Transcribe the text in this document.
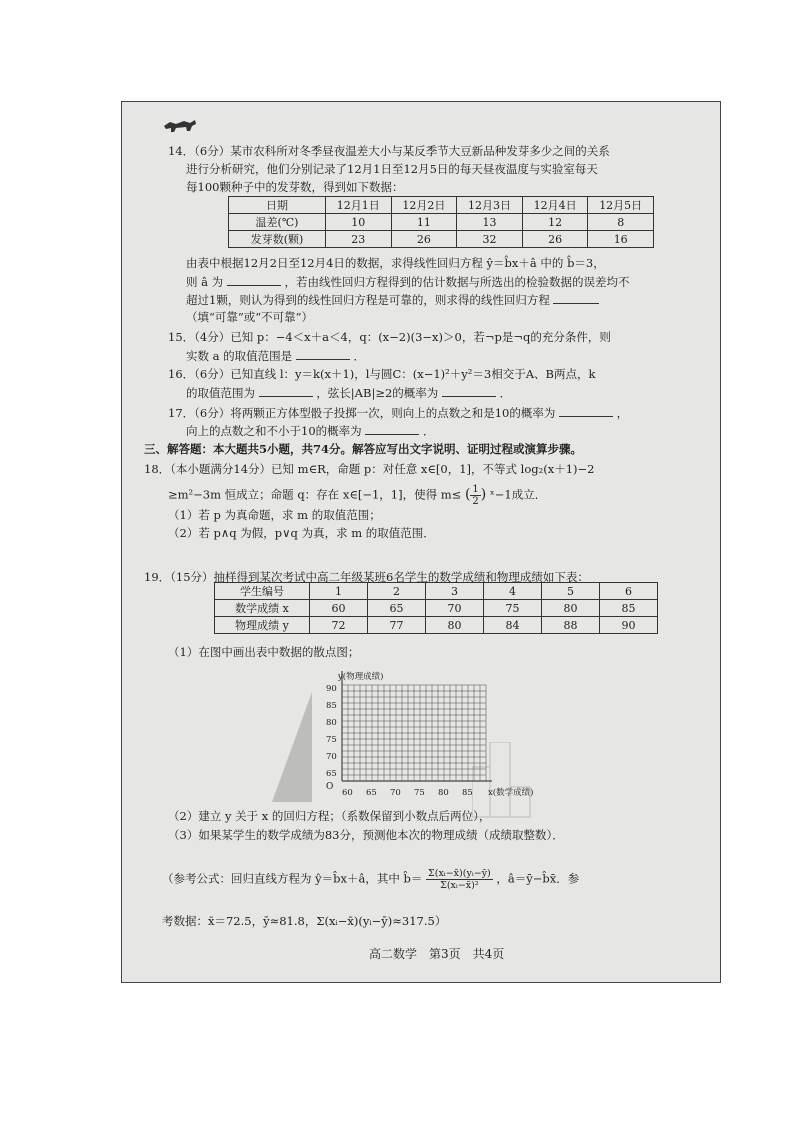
14．（6分）某市农科所对冬季昼夜温差大小与某反季节大豆新品种发芽多少之间的关系
进行分析研究，他们分别记录了12月1日至12月5日的每天昼夜温度与实验室每天
每100颗种子中的发芽数，得到如下数据：
日期	12月1日	12月2日	12月3日	12月4日	12月5日
温差(℃)	10	11	13	12	8
发芽数(颗)	23	26	32	26	16
由表中根据12月2日至12月4日的数据，求得线性回归方程 ŷ＝b̂x＋â 中的 b̂＝3，
则 â 为	，若由线性回归方程得到的估计数据与所选出的检验数据的误差均不
超过1颗，则认为得到的线性回归方程是可靠的，则求得的线性回归方程
（填“可靠”或“不可靠”）
15．（4分）已知 p：−4＜x＋a＜4，q：(x−2)(3−x)＞0，若¬p是¬q的充分条件，则
实数 a 的取值范围是	．
16．（6分）已知直线 l：y＝k(x＋1)，l与圆C：(x−1)²＋y²＝3相交于A、B两点，k
的取值范围为	，弦长|AB|≥2的概率为	．
17．（6分）将两颗正方体型骰子投掷一次，则向上的点数之和是10的概率为	，
向上的点数之和不小于10的概率为	．
三、解答题：本大题共5小题，共74分。解答应写出文字说明、证明过程或演算步骤。
18．（本小题满分14分）已知 m∈R，命题 p：对任意 x∈[0，1]，不等式 log₂(x＋1)−2
≥m²−3m 恒成立；命题 q：存在 x∈[−1，1]，使得 m≤ ( $\frac{1}{2}$ ) ˣ−1成立．
（1）若 p 为真命题，求 m 的取值范围；
（2）若 p∧q 为假，p∨q 为真，求 m 的取值范围．
19．（15分）抽样得到某次考试中高二年级某班6名学生的数学成绩和物理成绩如下表：
学生编号	1	2	3	4	5	6
数学成绩 x	60	65	70	75	80	85
物理成绩 y	72	77	80	84	88	90
（1）在图中画出表中数据的散点图；
y(物理成绩)
x(数学成绩)
O
90
85
80
75
70
65
60 65 70 75 80 85
（2）建立 y 关于 x 的回归方程；（系数保留到小数点后两位），
（3）如果某学生的数学成绩为83分，预测他本次的物理成绩（成绩取整数）．
（参考公式：回归直线方程为 ŷ＝b̂x＋â，其中 b̂＝ $\frac{\text{Σ(xᵢ−x̄)(yᵢ−ȳ)}}{\text{Σ(xᵢ−x̄)²}}$ ，â＝ȳ−b̂x̄．参
考数据：x̄＝72.5，ȳ≈81.8，Σ(xᵢ−x̄)(yᵢ−ȳ)≈317.5）
高二数学　第3页　共4页
